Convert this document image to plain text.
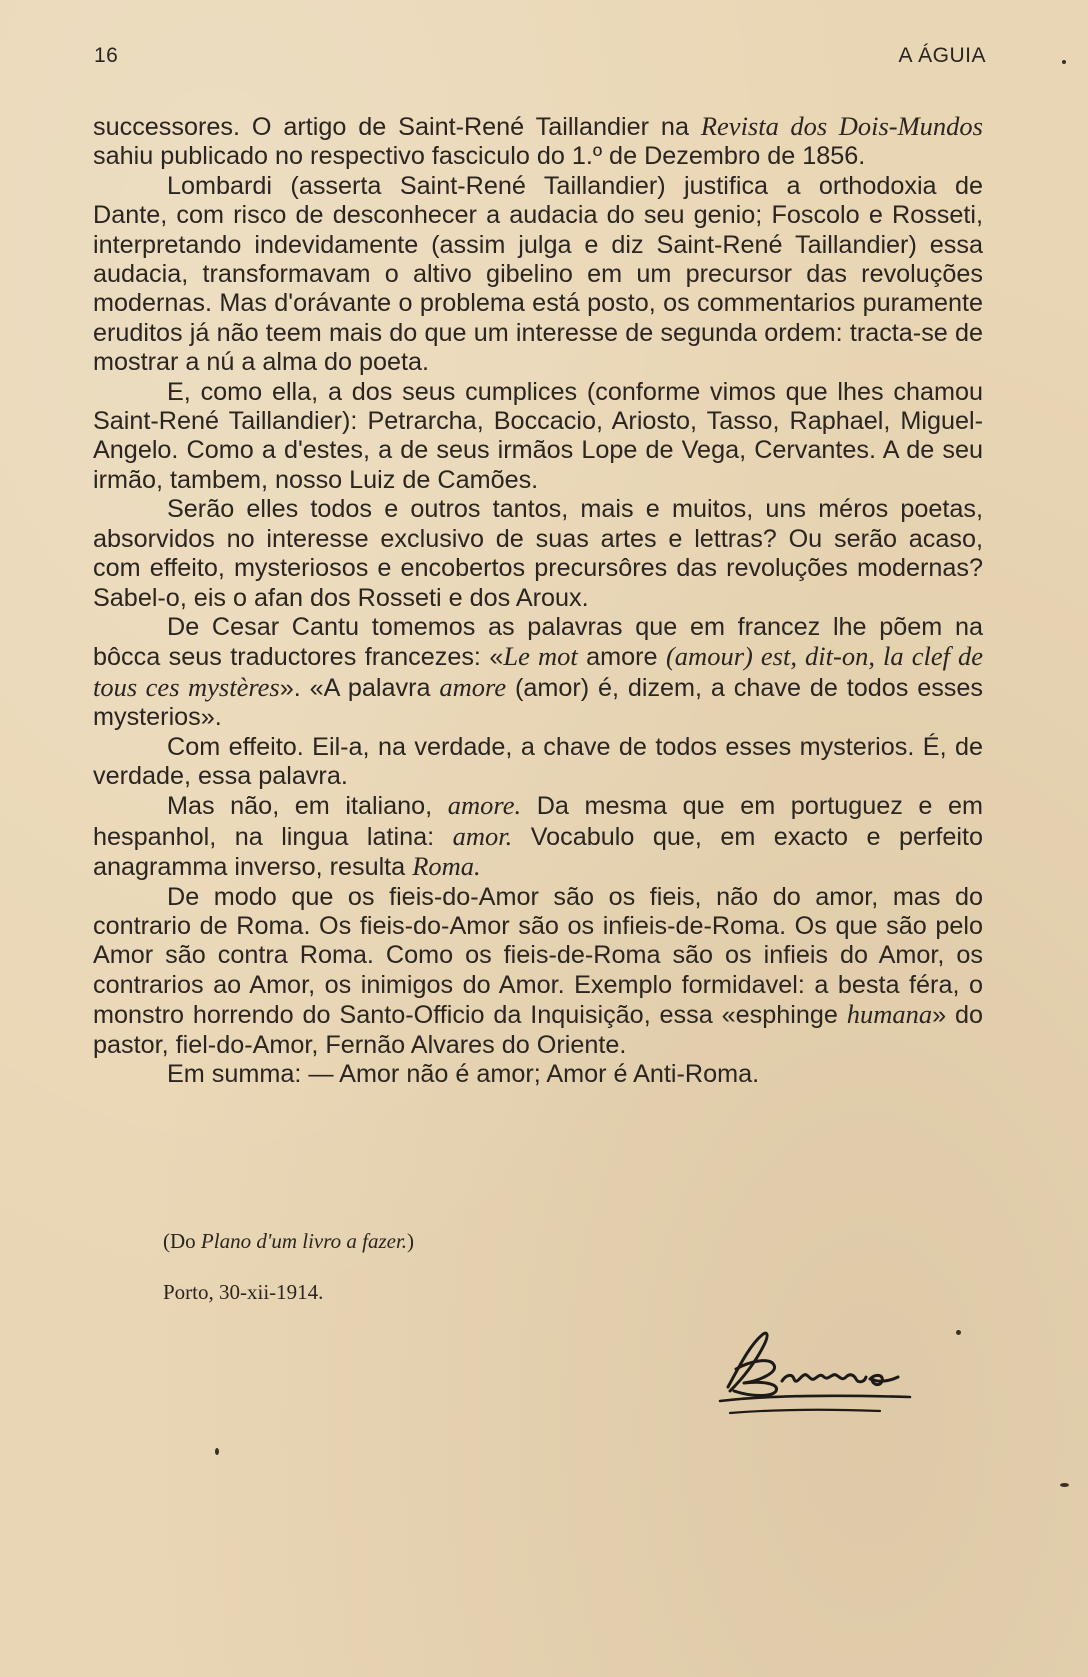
16	A ÁGUIA

successores. O artigo de Saint-René Taillandier na Revista dos Dois-Mundos sahiu publicado no respectivo fasciculo do 1.º de Dezembro de 1856.

Lombardi (asserta Saint-René Taillandier) justifica a orthodoxia de Dante, com risco de desconhecer a audacia do seu genio; Foscolo e Rosseti, interpretando indevidamente (assim julga e diz Saint-René Taillandier) essa audacia, transformavam o altivo gibelino em um precursor das revoluções modernas. Mas d'orávante o problema está posto, os commentarios puramente eruditos já não teem mais do que um interesse de segunda ordem: tracta-se de mostrar a nú a alma do poeta.

E, como ella, a dos seus cumplices (conforme vimos que lhes chamou Saint-René Taillandier): Petrarcha, Boccacio, Ariosto, Tasso, Raphael, Miguel-Angelo. Como a d'estes, a de seus irmãos Lope de Vega, Cervantes. A de seu irmão, tambem, nosso Luiz de Camões.

Serão elles todos e outros tantos, mais e muitos, uns méros poetas, absorvidos no interesse exclusivo de suas artes e lettras? Ou serão acaso, com effeito, mysteriosos e encobertos precursôres das revoluções modernas? Sabel-o, eis o afan dos Rosseti e dos Aroux.

De Cesar Cantu tomemos as palavras que em francez lhe põem na bôcca seus traductores francezes: «Le mot amore (amour) est, dit-on, la clef de tous ces mystères». «A palavra amore (amor) é, dizem, a chave de todos esses mysterios».

Com effeito. Eil-a, na verdade, a chave de todos esses mysterios. É, de verdade, essa palavra.

Mas não, em italiano, amore. Da mesma que em portuguez e em hespanhol, na lingua latina: amor. Vocabulo que, em exacto e perfeito anagramma inverso, resulta Roma.

De modo que os fieis-do-Amor são os fieis, não do amor, mas do contrario de Roma. Os fieis-do-Amor são os infieis-de-Roma. Os que são pelo Amor são contra Roma. Como os fieis-de-Roma são os infieis do Amor, os contrarios ao Amor, os inimigos do Amor. Exemplo formidavel: a besta féra, o monstro horrendo do Santo-Officio da Inquisição, essa «esphinge humana» do pastor, fiel-do-Amor, Fernão Alvares do Oriente.

Em summa: — Amor não é amor; Amor é Anti-Roma.

(Do Plano d'um livro a fazer.)
Porto, 30-xii-1914.
